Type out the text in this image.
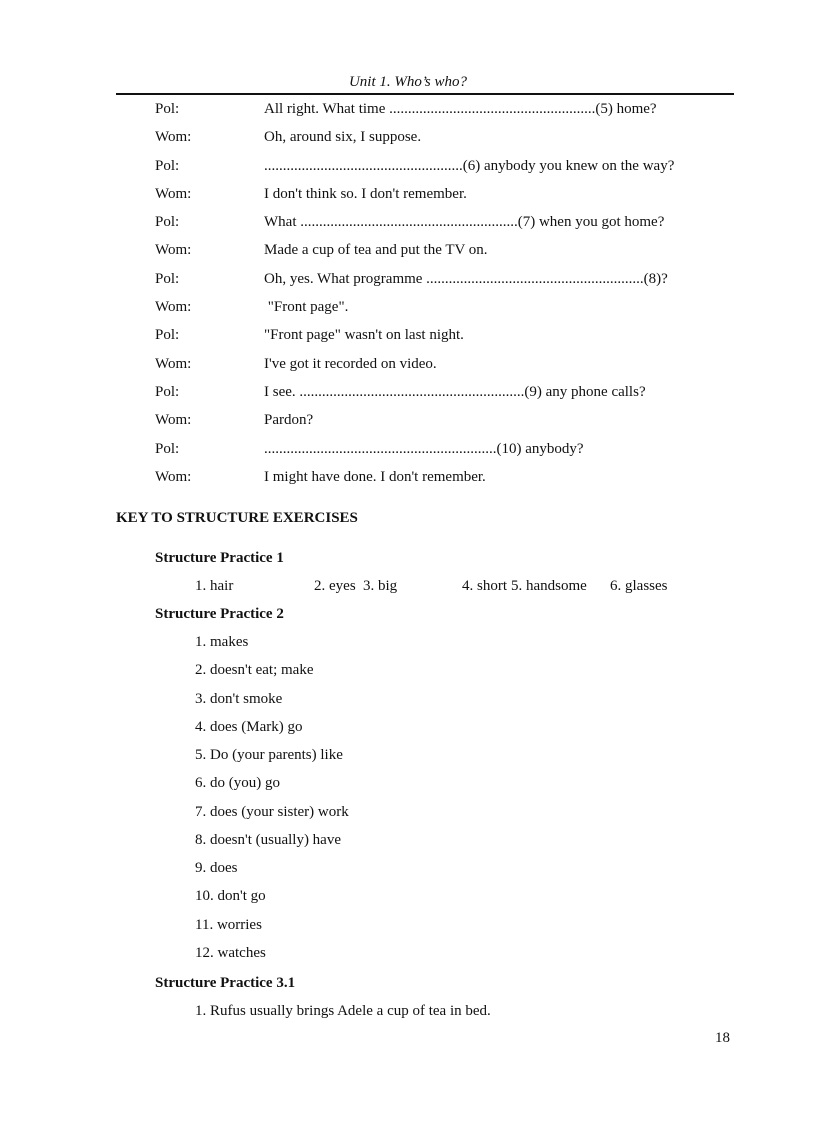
Unit 1. Who’s who?
Pol:	All right. What time .......................................................(5) home?
Wom:	Oh, around six, I suppose.
Pol:	.....................................................(6) anybody you knew on the way?
Wom:	I don't think so. I don't remember.
Pol:	What ..........................................................(7) when you got home?
Wom:	Made a cup of tea and put the TV on.
Pol:	Oh, yes. What programme ..........................................................(8)?
Wom:	"Front page".
Pol:	"Front page" wasn't on last night.
Wom:	I've got it recorded on video.
Pol:	I see. ............................................................(9) any phone calls?
Wom:	Pardon?
Pol:	..............................................................(10) anybody?
Wom:	I might have done. I don't remember.
KEY TO STRUCTURE EXERCISES
Structure Practice 1
1. hair	2. eyes 3. big	4. short 5. handsome 6. glasses
Structure Practice 2
1. makes
2. doesn't eat; make
3. don't smoke
4. does (Mark) go
5. Do (your parents) like
6. do (you) go
7. does (your sister) work
8. doesn't (usually) have
9. does
10. don't go
11. worries
12. watches
Structure Practice 3.1
1. Rufus usually brings Adele a cup of tea in bed.
18
